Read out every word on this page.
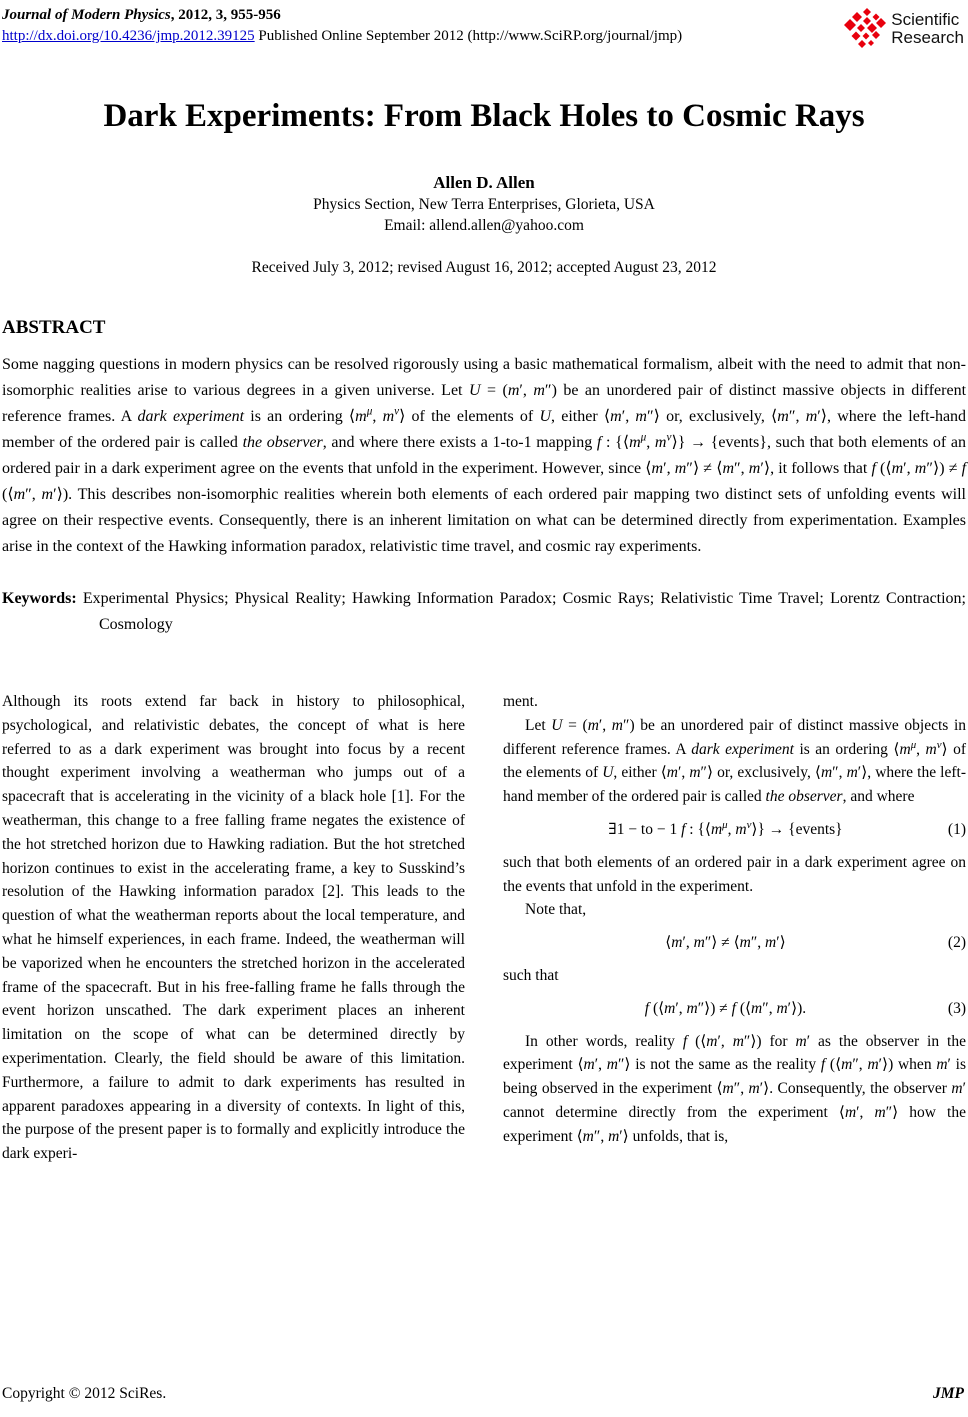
Journal of Modern Physics, 2012, 3, 955-956
http://dx.doi.org/10.4236/jmp.2012.39125 Published Online September 2012 (http://www.SciRP.org/journal/jmp)
Scientific
Research
Dark Experiments: From Black Holes to Cosmic Rays
Allen D. Allen
Physics Section, New Terra Enterprises, Glorieta, USA
Email: allend.allen@yahoo.com
Received July 3, 2012; revised August 16, 2012; accepted August 23, 2012
ABSTRACT
Some nagging questions in modern physics can be resolved rigorously using a basic mathematical formalism, albeit with the need to admit that non-isomorphic realities arise to various degrees in a given universe. Let U = (m′, m″) be an unordered pair of distinct massive objects in different reference frames. A dark experiment is an ordering $⟨m^\mu$, $m^\nu⟩$ of the elements of U, either ⟨m′, m″⟩ or, exclusively, ⟨m″, m′⟩, where the left-hand member of the ordered pair is called the observer, and where there exists a 1-to-1 mapping f : {$⟨m^\mu$, $m^\nu⟩$} → {events}, such that both elements of an ordered pair in a dark experiment agree on the events that unfold in the experiment. However, since ⟨m′, m″⟩ ≠ ⟨m″, m′⟩, it follows that f (⟨m′, m″⟩) ≠ f (⟨m″, m′⟩). This describes non-isomorphic realities wherein both elements of each ordered pair mapping two distinct sets of unfolding events will agree on their respective events. Consequently, there is an inherent limitation on what can be determined directly from experimentation. Examples arise in the context of the Hawking information paradox, relativistic time travel, and cosmic ray experiments.
Keywords: Experimental Physics; Physical Reality; Hawking Information Paradox; Cosmic Rays; Relativistic Time Travel; Lorentz Contraction; Cosmology

Although its roots extend far back in history to philosophical, psychological, and relativistic debates, the concept of what is here referred to as a dark experiment was brought into focus by a recent thought experiment involving a weatherman who jumps out of a spacecraft that is accelerating in the vicinity of a black hole [1]. For the weatherman, this change to a free falling frame negates the existence of the hot stretched horizon due to Hawking radiation. But the hot stretched horizon continues to exist in the accelerating frame, a key to Susskind’s resolution of the Hawking information paradox [2]. This leads to the question of what the weatherman reports about the local temperature, and what he himself experiences, in each frame. Indeed, the weatherman will be vaporized when he encounters the stretched horizon in the accelerated frame of the spacecraft. But in his free-falling frame he falls through the event horizon unscathed. The dark experiment places an inherent limitation on the scope of what can be determined directly by experimentation. Clearly, the field should be aware of this limitation. Furthermore, a failure to admit to dark experiments has resulted in apparent paradoxes appearing in a diversity of contexts. In light of this, the purpose of the present paper is to formally and explicitly introduce the dark experi-

ment.

Let U = (m′, m″) be an unordered pair of distinct massive objects in different reference frames. A dark experiment is an ordering $⟨m^\mu$, $m^\nu⟩$ of the elements of U, either ⟨m′, m″⟩ or, exclusively, ⟨m″, m′⟩, where the left-hand member of the ordered pair is called the observer, and where

∃1 − to − 1 f : {$⟨m^\mu$, $m^\nu⟩$} → {events}	(1)

such that both elements of an ordered pair in a dark experiment agree on the events that unfold in the experiment.

Note that,

⟨m′, m″⟩ ≠ ⟨m″, m′⟩	(2)

such that

f (⟨m′, m″⟩) ≠ f (⟨m″, m′⟩).	(3)

In other words, reality f (⟨m′, m″⟩) for m′ as the observer in the experiment ⟨m′, m″⟩ is not the same as the reality f (⟨m″, m′⟩) when m′ is being observed in the experiment ⟨m″, m′⟩. Consequently, the observer m′ cannot determine directly from the experiment ⟨m′, m″⟩ how the experiment ⟨m″, m′⟩ unfolds, that is,

Copyright © 2012 SciRes.	JMP
